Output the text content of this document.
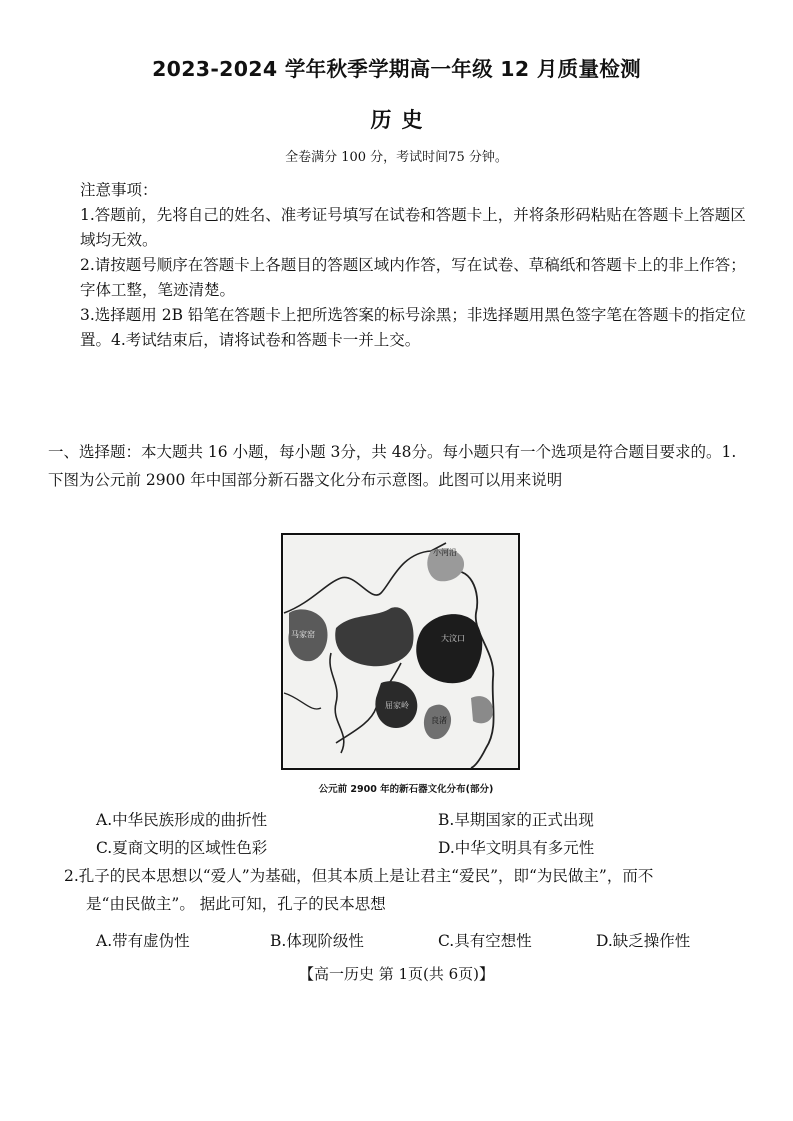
2023-2024 学年秋季学期高一年级 12 月质量检测
历史
全卷满分 100 分，考试时间75 分钟。

注意事项：

1.答题前，先将自己的姓名、准考证号填写在试卷和答题卡上，并将条形码粘贴在答题卡上答题区域均无效。

2.请按题号顺序在答题卡上各题目的答题区域内作答，写在试卷、草稿纸和答题卡上的非上作答；字体工整，笔迹清楚。

3.选择题用 2B 铅笔在答题卡上把所选答案的标号涂黑；非选择题用黑色签字笔在答题卡的指定位置。4.考试结束后，请将试卷和答题卡一并上交。

一、选择题：本大题共 16 小题，每小题 3分，共 48分。每小题只有一个选项是符合题目要求的。1.下图为公元前 2900 年中国部分新石器文化分布示意图。此图可以用来说明
小河沿
大汶口
良渚
马家窑
屈家岭
公元前 2900 年的新石器文化分布(部分)
A.中华民族形成的曲折性	B.早期国家的正式出现
C.夏商文明的区域性色彩	D.中华文明具有多元性
2.孔子的民本思想以“爱人”为基础，但其本质上是让君主“爱民”，即“为民做主”，而不
是“由民做主”。 据此可知，孔子的民本思想
A.带有虚伪性	B.体现阶级性	C.具有空想性	D.缺乏操作性
【高一历史 第 1页(共 6页)】
